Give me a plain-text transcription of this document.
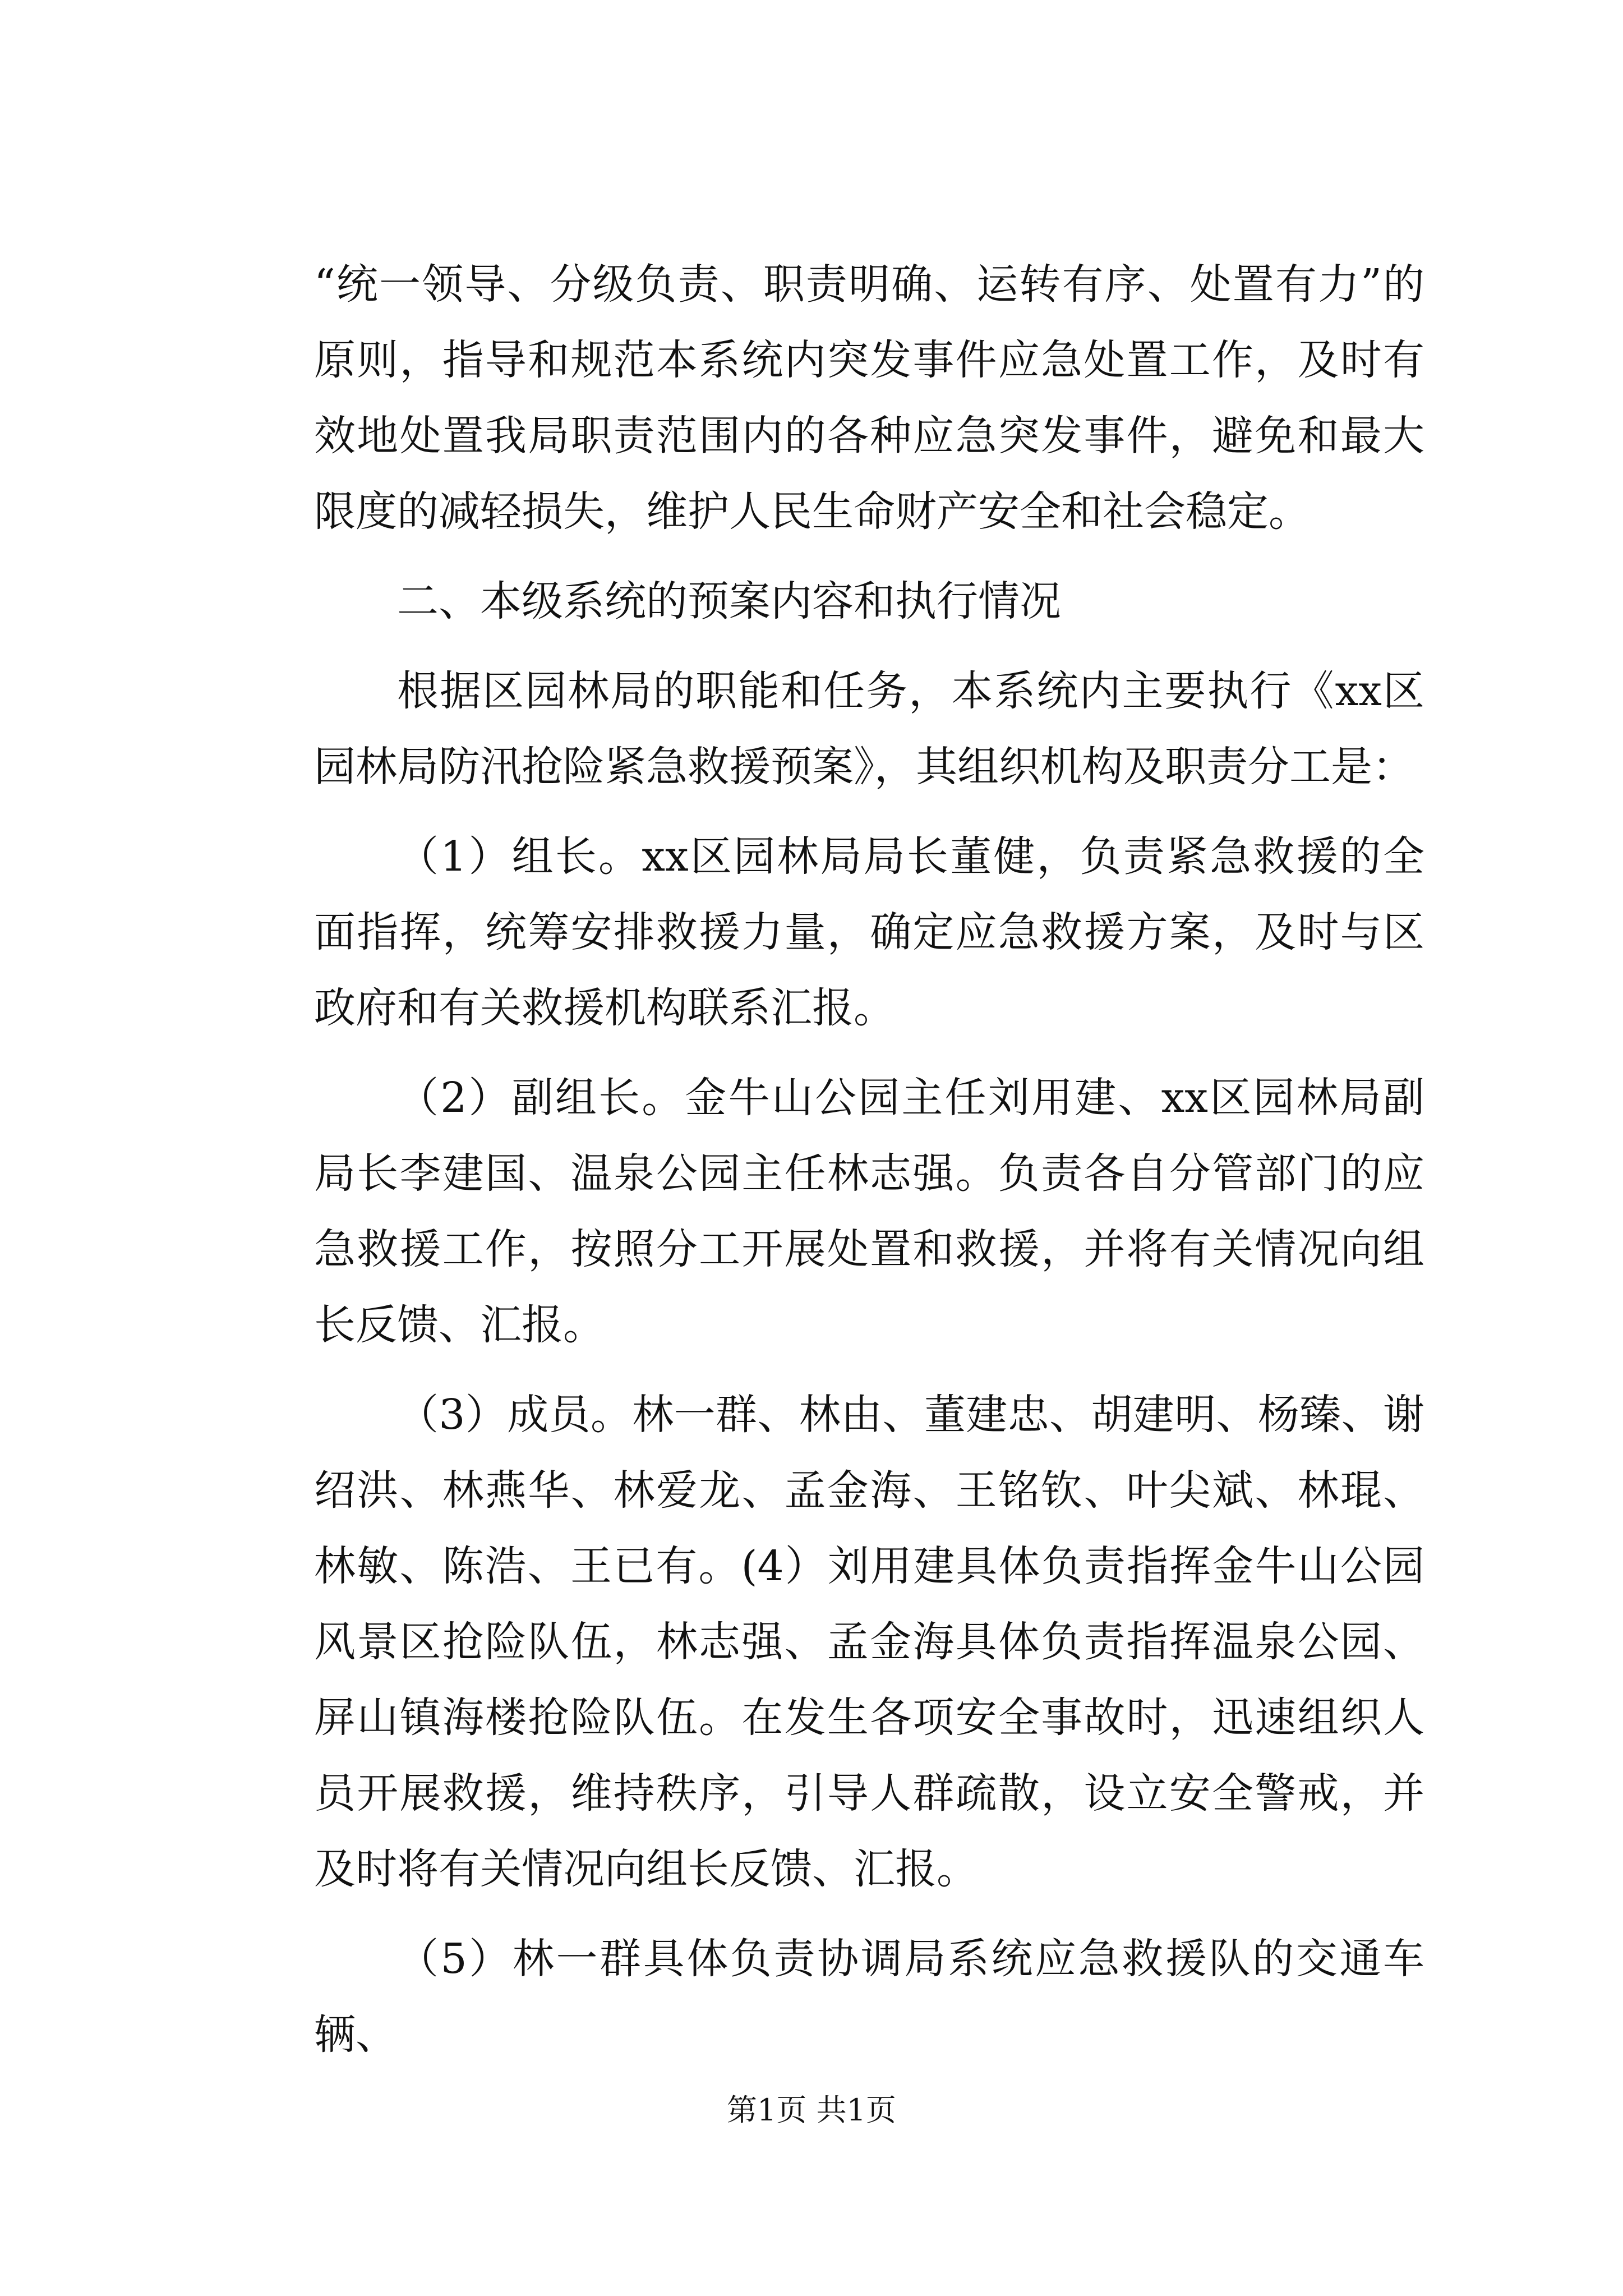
“统一领导、分级负责、职责明确、运转有序、处置有力”的原则，指导和规范本系统内突发事件应急处置工作，及时有效地处置我局职责范围内的各种应急突发事件，避免和最大限度的减轻损失，维护人民生命财产安全和社会稳定。

二、本级系统的预案内容和执行情况

根据区园林局的职能和任务，本系统内主要执行《xx区园林局防汛抢险紧急救援预案》，其组织机构及职责分工是：

（1）组长。xx区园林局局长董健，负责紧急救援的全面指挥，统筹安排救援力量，确定应急救援方案，及时与区政府和有关救援机构联系汇报。

（2）副组长。金牛山公园主任刘用建、xx区园林局副局长李建国、温泉公园主任林志强。负责各自分管部门的应急救援工作，按照分工开展处置和救援，并将有关情况向组长反馈、汇报。

（3）成员。林一群、林由、董建忠、胡建明、杨臻、谢绍洪、林燕华、林爱龙、孟金海、王铭钦、叶尖斌、林琨、林敏、陈浩、王已有。(4）刘用建具体负责指挥金牛山公园风景区抢险队伍，林志强、孟金海具体负责指挥温泉公园、屏山镇海楼抢险队伍。在发生各项安全事故时，迅速组织人员开展救援，维持秩序，引导人群疏散，设立安全警戒，并及时将有关情况向组长反馈、汇报。

（5）林一群具体负责协调局系统应急救援队的交通车辆、

第1页 共1页
